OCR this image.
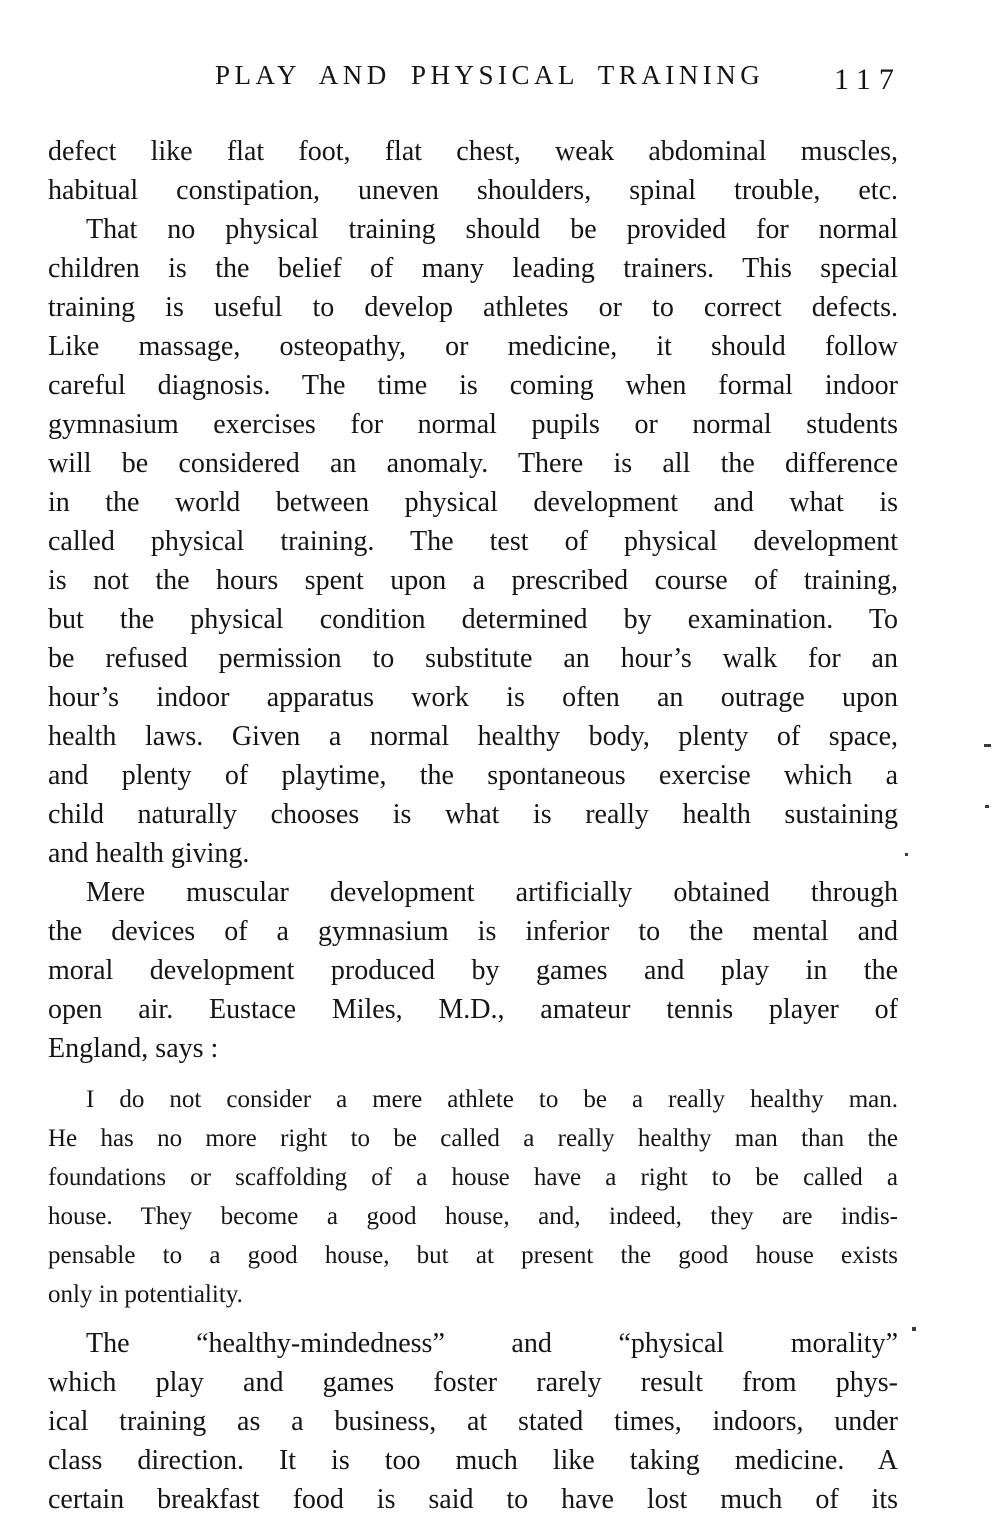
PLAY AND PHYSICAL TRAINING 117
defect like flat foot, flat chest, weak abdominal muscles,
habitual constipation, uneven shoulders, spinal trouble, etc.
That no physical training should be provided for normal
children is the belief of many leading trainers. This special
training is useful to develop athletes or to correct defects.
Like massage, osteopathy, or medicine, it should follow
careful diagnosis. The time is coming when formal indoor
gymnasium exercises for normal pupils or normal students
will be considered an anomaly. There is all the difference
in the world between physical development and what is
called physical training. The test of physical development
is not the hours spent upon a prescribed course of training,
but the physical condition determined by examination. To
be refused permission to substitute an hour’s walk for an
hour’s indoor apparatus work is often an outrage upon
health laws. Given a normal healthy body, plenty of space,
and plenty of playtime, the spontaneous exercise which a
child naturally chooses is what is really health sustaining
and health giving.
Mere muscular development artificially obtained through
the devices of a gymnasium is inferior to the mental and
moral development produced by games and play in the
open air. Eustace Miles, M.D., amateur tennis player of
England, says :
I do not consider a mere athlete to be a really healthy man.
He has no more right to be called a really healthy man than the
foundations or scaffolding of a house have a right to be called a
house. They become a good house, and, indeed, they are indis-
pensable to a good house, but at present the good house exists
only in potentiality.
The “healthy-mindedness” and “physical morality”
which play and games foster rarely result from phys-
ical training as a business, at stated times, indoors, under
class direction. It is too much like taking medicine. A
certain breakfast food is said to have lost much of its
